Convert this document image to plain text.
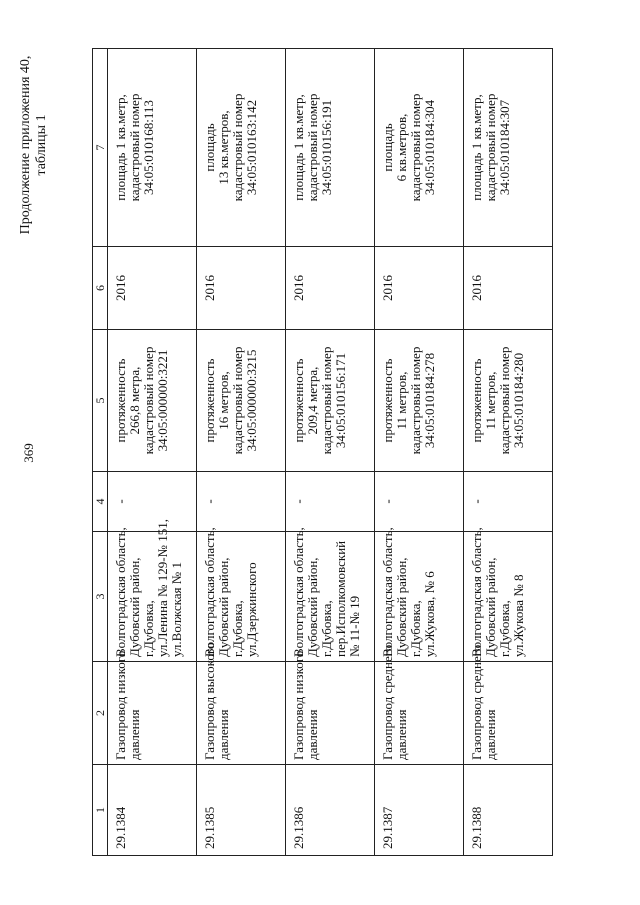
369
Продолжение приложения 40, таблицы 1
1	2	3	4	5	6	7
29.1384	Газопровод низкого давления	Волгоградская область, Дубовский район, г.Дубовка, ул.Ленина № 129-№ 151, ул.Волжская № 1	-	протяженность 266,8 метра, кадастровый номер 34:05:000000:3221	2016	площадь 1 кв.метр, кадастровый номер 34:05:010168:113

29.1385	Газопровод высокого давления	Волгоградская область, Дубовский район, г.Дубовка, ул.Дзержинского	-	протяженность 16 метров, кадастровый номер 34:05:000000:3215	2016	площадь 13 кв.метров, кадастровый номер 34:05:010163:142

29.1386	Газопровод низкого давления	Волгоградская область, Дубовский район, г.Дубовка, пер.Исполкомовский № 11-№ 19	-	протяженность 209,4 метра, кадастровый номер 34:05:010156:171	2016	площадь 1 кв.метр, кадастровый номер 34:05:010156:191

29.1387	Газопровод среднего давления	Волгоградская область, Дубовский район, г.Дубовка, ул.Жукова, № 6	-	протяженность 11 метров, кадастровый номер 34:05:010184:278	2016	площадь 6 кв.метров, кадастровый номер 34:05:010184:304

29.1388	Газопровод среднего давления	Волгоградская область, Дубовский район, г.Дубовка, ул.Жукова № 8	-	протяженность 11 метров, кадастровый номер 34:05:010184:280	2016	площадь 1 кв.метр, кадастровый номер 34:05:010184:307
